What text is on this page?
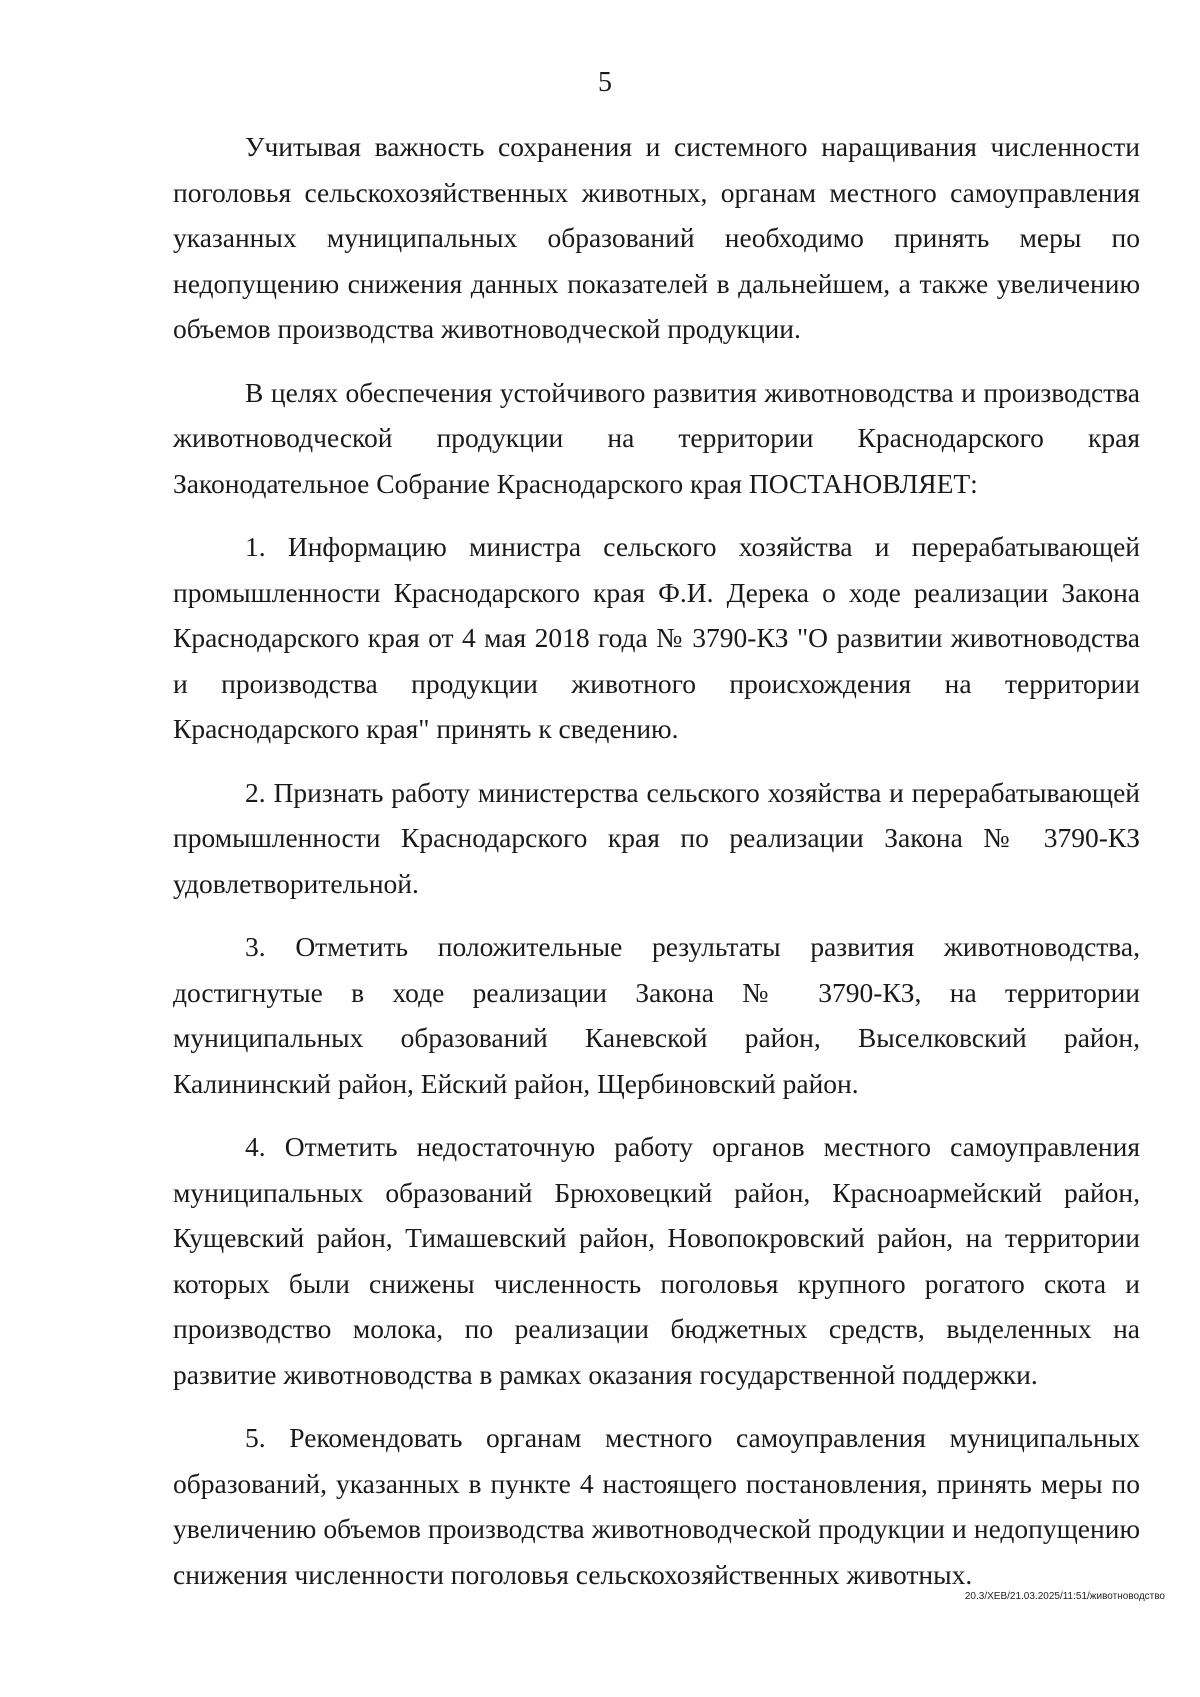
5

Учитывая важность сохранения и системного наращивания численности поголовья сельскохозяйственных животных, органам местного самоуправления указанных муниципальных образований необходимо принять меры по недопущению снижения данных показателей в дальнейшем, а также увеличению объемов производства животноводческой продукции.

В целях обеспечения устойчивого развития животноводства и производства животноводческой продукции на территории Краснодарского края Законодательное Собрание Краснодарского края ПОСТАНОВЛЯЕТ:

1. Информацию министра сельского хозяйства и перерабатывающей промышленности Краснодарского края Ф.И. Дерека о ходе реализации Закона Краснодарского края от 4 мая 2018 года № 3790-КЗ "О развитии животноводства и производства продукции животного происхождения на территории Краснодарского края" принять к сведению.

2. Признать работу министерства сельского хозяйства и перерабатывающей промышленности Краснодарского края по реализации Закона № 3790-КЗ удовлетворительной.

3. Отметить положительные результаты развития животноводства, достигнутые в ходе реализации Закона № 3790-КЗ, на территории муниципальных образований Каневской район, Выселковский район, Калининский район, Ейский район, Щербиновский район.

4. Отметить недостаточную работу органов местного самоуправления муниципальных образований Брюховецкий район, Красноармейский район, Кущевский район, Тимашевский район, Новопокровский район, на территории которых были снижены численность поголовья крупного рогатого скота и производство молока, по реализации бюджетных средств, выделенных на развитие животноводства в рамках оказания государственной поддержки.

5. Рекомендовать органам местного самоуправления муниципальных образований, указанных в пункте 4 настоящего постановления, принять меры по увеличению объемов производства животноводческой продукции и недопущению снижения численности поголовья сельскохозяйственных животных.

20.3/ХЕВ/21.03.2025/11:51/животноводство
